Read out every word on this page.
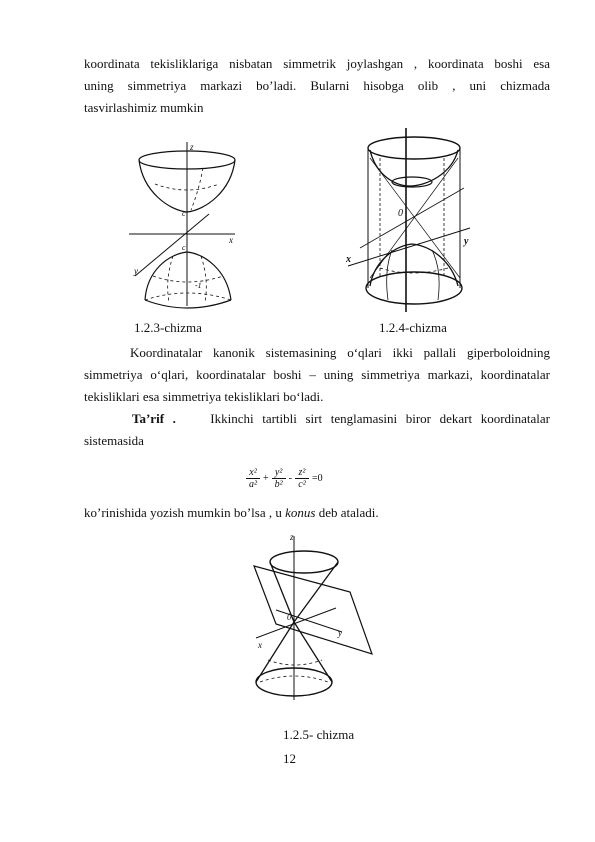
koordinata tekisliklariga nisbatan simmetrik joylashgan , koordinata boshi esa
uning simmetriya markazi bo’ladi. Bularni hisobga olib , uni chizmada
tasvirlashimiz mumkin
z
x
y
c
c
-1
1.2.3-chizma
y
x
0
1.2.4-chizma
Koordinatalar kanonik sistemasining o‘qlari ikki pallali giperboloidning
simmetriya o‘qlari, koordinatalar boshi – uning simmetriya markazi, koordinatalar
tekisliklari esa simmetriya tekisliklari bo‘ladi.
Ta’rif .	Ikkinchi tartibli sirt tenglamasini biror dekart koordinatalar
sistemasida
x²
a²
+
y²
b²
-
z²
c²
=0
ko’rinishida yozish mumkin bo’lsa , u konus deb ataladi.
z
y
x
0
1.2.5- chizma
12
